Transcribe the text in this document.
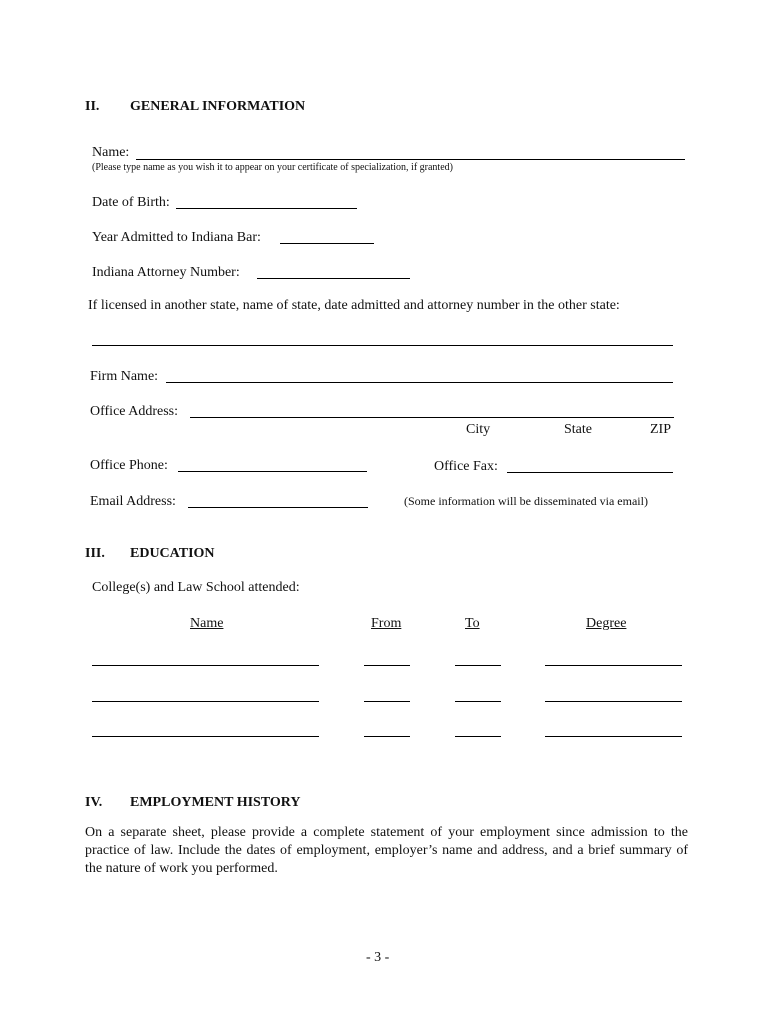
II. GENERAL INFORMATION
Name:
(Please type name as you wish it to appear on your certificate of specialization, if granted)
Date of Birth:
Year Admitted to Indiana Bar:
Indiana Attorney Number:
If licensed in another state, name of state, date admitted and attorney number in the other state:
Firm Name:
Office Address:
City	State	ZIP
Office Phone:	Office Fax:
Email Address:	(Some information will be disseminated via email)
III. EDUCATION
College(s) and Law School attended:
Name	From	To	Degree
IV. EMPLOYMENT HISTORY
On a separate sheet, please provide a complete statement of your employment since admission to the practice of law. Include the dates of employment, employer’s name and address, and a brief summary of the nature of work you performed.
- 3 -
